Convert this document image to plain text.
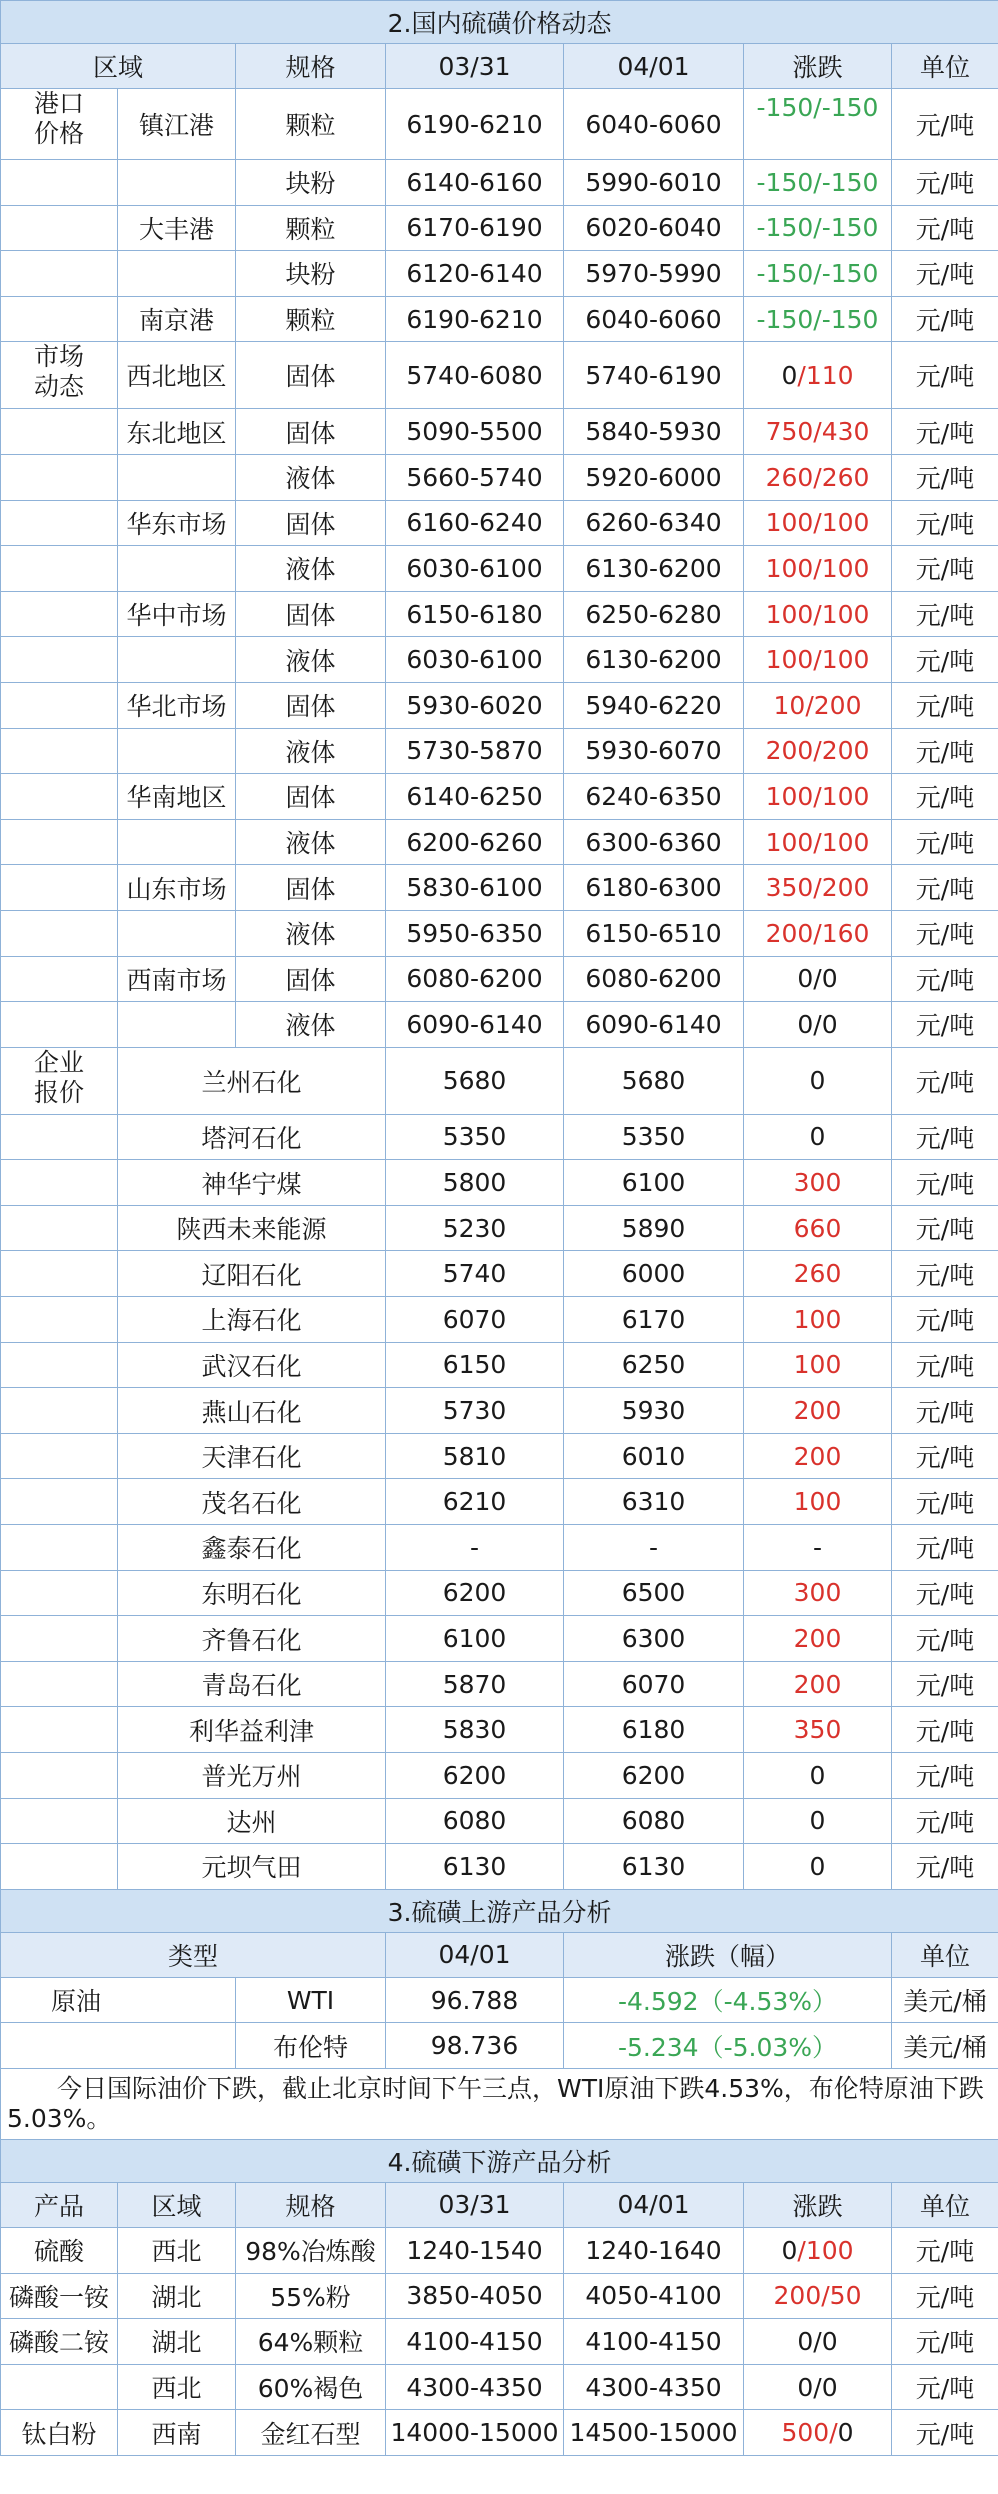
2.国内硫磺价格动态						
区域		规格	03/31	04/01	涨跌	单位
港口
价格	镇江港	颗粒	6190-6210	6040-6060	-150/-150	元/吨
		块粉	6140-6160	5990-6010	-150/-150	元/吨
	大丰港	颗粒	6170-6190	6020-6040	-150/-150	元/吨
		块粉	6120-6140	5970-5990	-150/-150	元/吨
	南京港	颗粒	6190-6210	6040-6060	-150/-150	元/吨
市场
动态	西北地区	固体	5740-6080	5740-6190	0/110	元/吨
	东北地区	固体	5090-5500	5840-5930	750/430	元/吨
		液体	5660-5740	5920-6000	260/260	元/吨
	华东市场	固体	6160-6240	6260-6340	100/100	元/吨
		液体	6030-6100	6130-6200	100/100	元/吨
	华中市场	固体	6150-6180	6250-6280	100/100	元/吨
		液体	6030-6100	6130-6200	100/100	元/吨
	华北市场	固体	5930-6020	5940-6220	10/200	元/吨
		液体	5730-5870	5930-6070	200/200	元/吨
	华南地区	固体	6140-6250	6240-6350	100/100	元/吨
		液体	6200-6260	6300-6360	100/100	元/吨
	山东市场	固体	5830-6100	6180-6300	350/200	元/吨
		液体	5950-6350	6150-6510	200/160	元/吨
	西南市场	固体	6080-6200	6080-6200	0/0	元/吨
		液体	6090-6140	6090-6140	0/0	元/吨
企业
报价	兰州石化		5680	5680	0	元/吨
	塔河石化		5350	5350	0	元/吨
	神华宁煤		5800	6100	300	元/吨
	陕西未来能源		5230	5890	660	元/吨
	辽阳石化		5740	6000	260	元/吨
	上海石化		6070	6170	100	元/吨
	武汉石化		6150	6250	100	元/吨
	燕山石化		5730	5930	200	元/吨
	天津石化		5810	6010	200	元/吨
	茂名石化		6210	6310	100	元/吨
	鑫泰石化		-	-	-	元/吨
	东明石化		6200	6500	300	元/吨
	齐鲁石化		6100	6300	200	元/吨
	青岛石化		5870	6070	200	元/吨
	利华益利津		5830	6180	350	元/吨
	普光万州		6200	6200	0	元/吨
	达州		6080	6080	0	元/吨
	元坝气田		6130	6130	0	元/吨
3.硫磺上游产品分析						
类型			04/01	涨跌（幅）		单位
原油		WTI	96.788	-4.592（-4.53%）		美元/桶
		布伦特	98.736	-5.234（-5.03%）		美元/桶

今日国际油价下跌，截止北京时间下午三点，WTI原油下跌4.53%，布伦特原油下跌5.03%。						

4.硫磺下游产品分析						
产品	区域	规格	03/31	04/01	涨跌	单位
硫酸	西北	98%冶炼酸	1240-1540	1240-1640	0/100	元/吨
磷酸一铵	湖北	55%粉	3850-4050	4050-4100	200/50	元/吨
磷酸二铵	湖北	64%颗粒	4100-4150	4100-4150	0/0	元/吨
	西北	60%褐色	4300-4350	4300-4350	0/0	元/吨
钛白粉	西南	金红石型	14000-15000	14500-15000	500/0	元/吨
